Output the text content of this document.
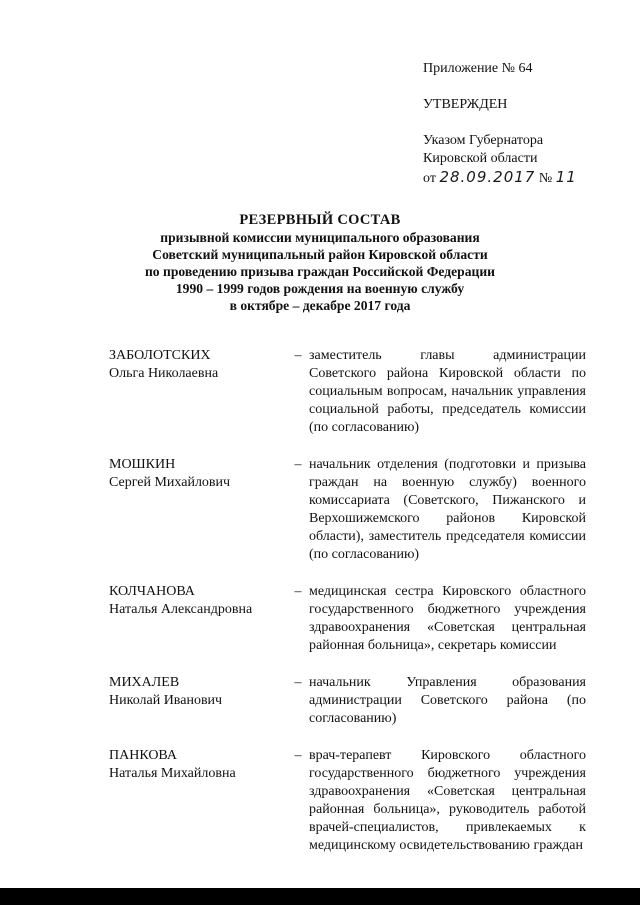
Приложение № 64
УТВЕРЖДЕН
Указом Губернатора
Кировской области
от 28.09.2017 № 11
РЕЗЕРВНЫЙ СОСТАВ
призывной комиссии муниципального образования
Советский муниципальный район Кировской области
по проведению призыва граждан Российской Федерации
1990 – 1999 годов рождения на военную службу
в октябре – декабре 2017 года
ЗАБОЛОТСКИХ
Ольга Николаевна
– заместитель главы администрации Советского района Кировской области по социальным вопросам, начальник управления социальной работы, председатель комиссии (по согласованию)
МОШКИН
Сергей Михайлович
– начальник отделения (подготовки и призыва граждан на военную службу) военного комиссариата (Советского, Пижанского и Верхошижемского районов Кировской области), заместитель председателя комиссии (по согласованию)
КОЛЧАНОВА
Наталья Александровна
– медицинская сестра Кировского областного государственного бюджетного учреждения здравоохранения «Советская центральная районная больница», секретарь комиссии
МИХАЛЕВ
Николай Иванович
– начальник Управления образования администрации Советского района (по согласованию)
ПАНКОВА
Наталья Михайловна
– врач-терапевт Кировского областного государственного бюджетного учреждения здравоохранения «Советская центральная районная больница», руководитель работой врачей-специалистов, привлекаемых к медицинскому освидетельствованию граждан
